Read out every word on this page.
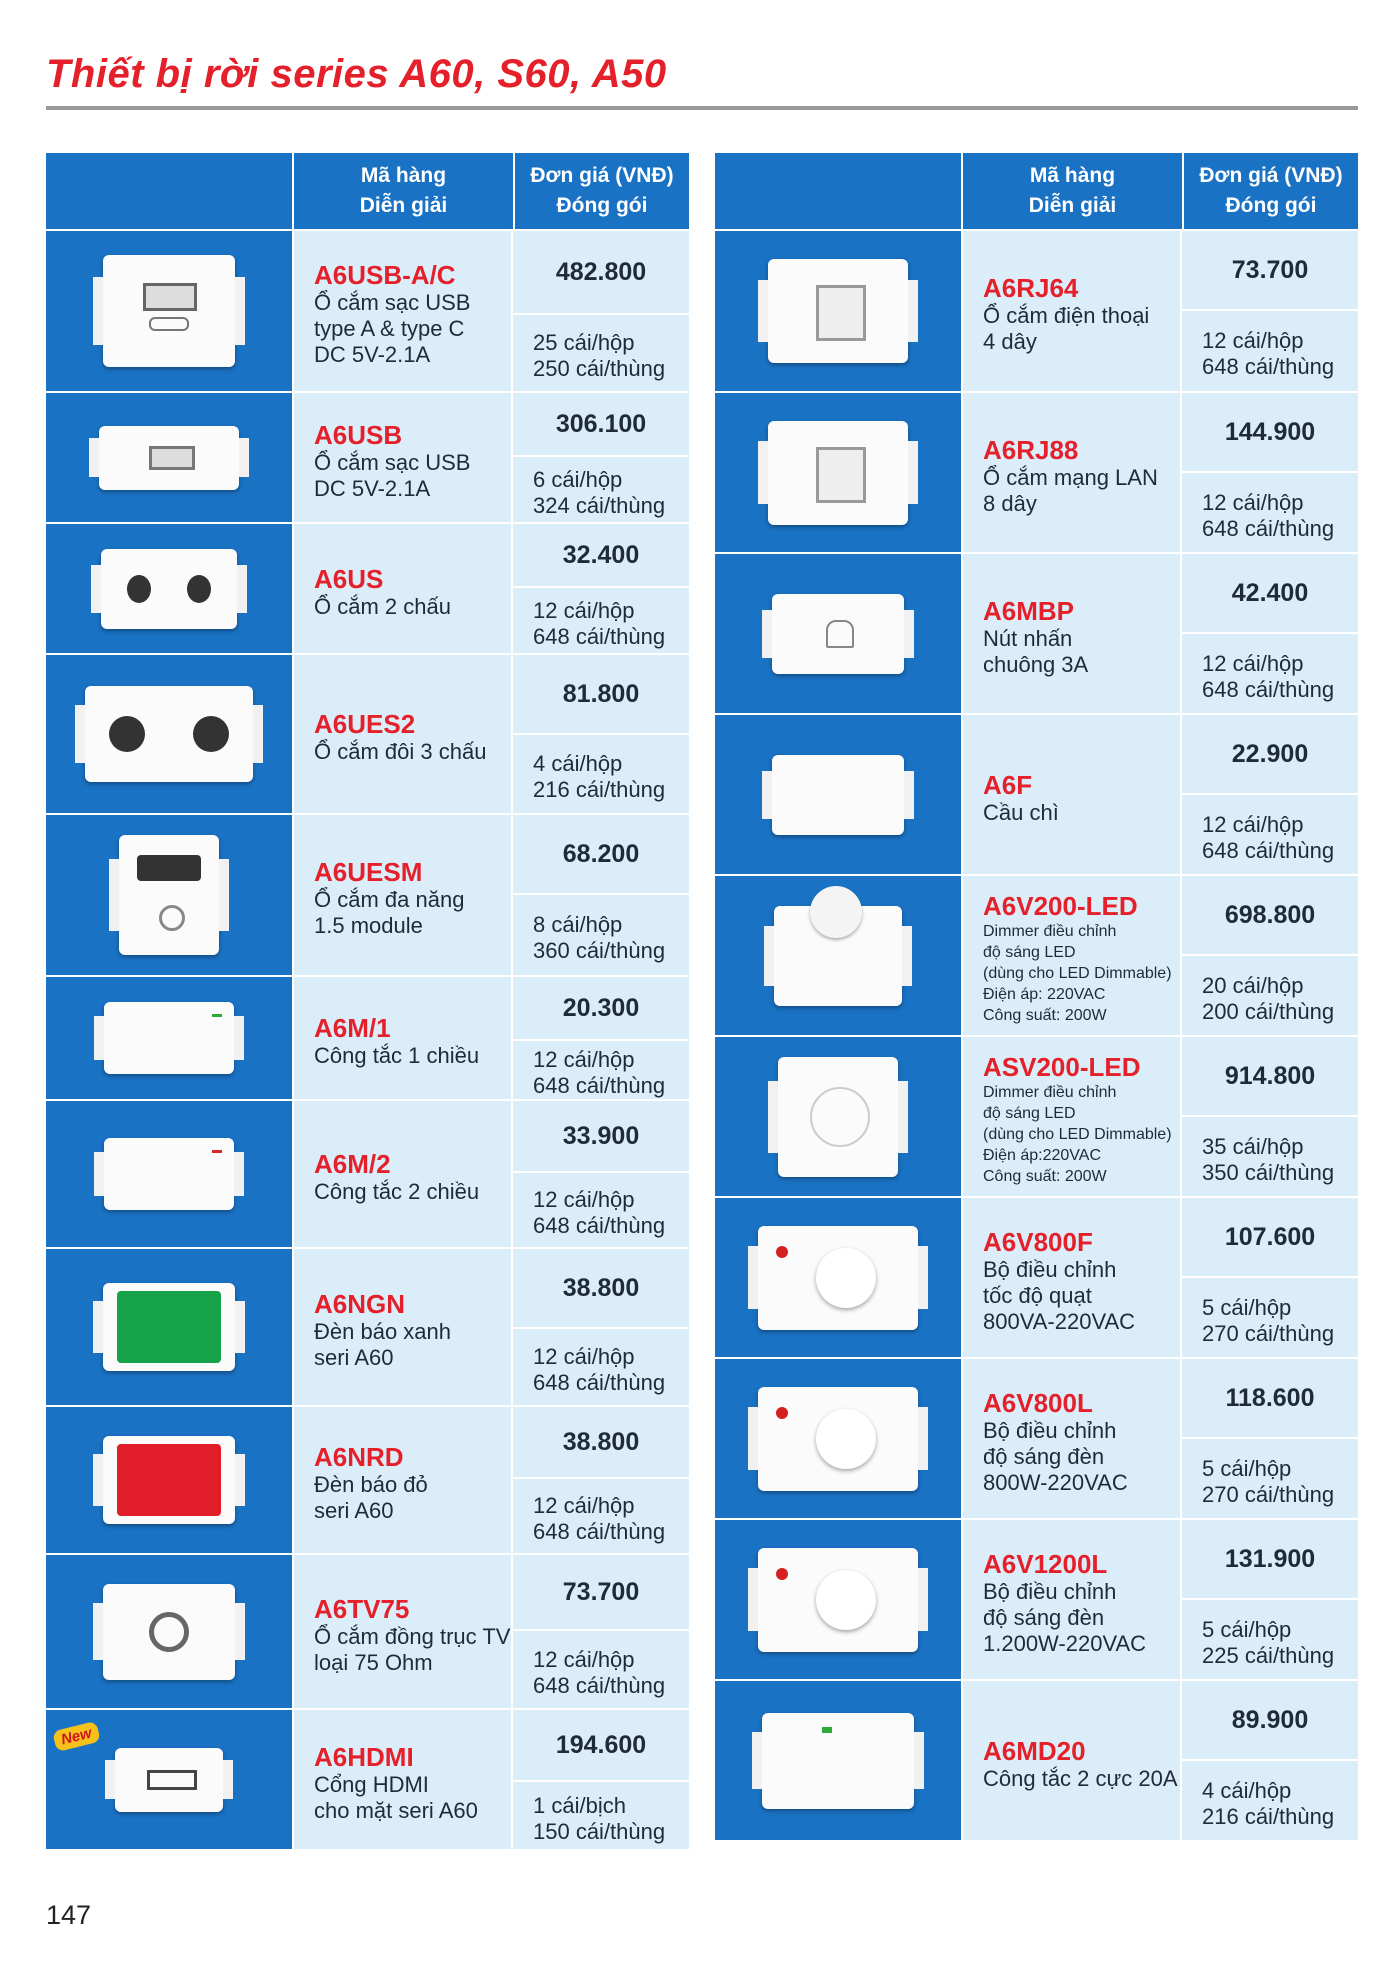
Thiết bị rời series A60, S60, A50
Mã hàng
Diễn giải
Đơn giá (VNĐ)
Đóng gói
A6USB-A/C
Ổ cắm sạc USB
type A & type C
DC 5V-2.1A
482.800
25 cái/hộp
250 cái/thùng
A6USB
Ổ cắm sạc USB
DC 5V-2.1A
306.100
6 cái/hộp
324 cái/thùng
A6US
Ổ cắm 2 chấu
32.400
12 cái/hộp
648 cái/thùng
A6UES2
Ổ cắm đôi 3 chấu
81.800
4 cái/hộp
216 cái/thùng
A6UESM
Ổ cắm đa năng
1.5 module
68.200
8 cái/hộp
360 cái/thùng
A6M/1
Công tắc 1 chiều
20.300
12 cái/hộp
648 cái/thùng
A6M/2
Công tắc 2 chiều
33.900
12 cái/hộp
648 cái/thùng
A6NGN
Đèn báo xanh
seri A60
38.800
12 cái/hộp
648 cái/thùng
A6NRD
Đèn báo đỏ
seri A60
38.800
12 cái/hộp
648 cái/thùng
A6TV75
Ổ cắm đồng trục TV
loại 75 Ohm
73.700
12 cái/hộp
648 cái/thùng
New
A6HDMI
Cổng HDMI
cho mặt seri A60
194.600
1 cái/bịch
150 cái/thùng
Mã hàng
Diễn giải
Đơn giá (VNĐ)
Đóng gói
A6RJ64
Ổ cắm điện thoại
4 dây
73.700
12 cái/hộp
648 cái/thùng
A6RJ88
Ổ cắm mạng LAN
8 dây
144.900
12 cái/hộp
648 cái/thùng
A6MBP
Nút nhấn
chuông 3A
42.400
12 cái/hộp
648 cái/thùng
A6F
Cầu chì
22.900
12 cái/hộp
648 cái/thùng
A6V200-LED
Dimmer điều chỉnh
độ sáng LED
(dùng cho LED Dimmable)
Điện áp: 220VAC
Công suất: 200W
698.800
20 cái/hộp
200 cái/thùng
ASV200-LED
Dimmer điều chỉnh
độ sáng LED
(dùng cho LED Dimmable)
Điện áp:220VAC
Công suất: 200W
914.800
35 cái/hộp
350 cái/thùng
A6V800F
Bộ điều chỉnh
tốc độ quạt
800VA-220VAC
107.600
5 cái/hộp
270 cái/thùng
A6V800L
Bộ điều chỉnh
độ sáng đèn
800W-220VAC
118.600
5 cái/hộp
270 cái/thùng
A6V1200L
Bộ điều chỉnh
độ sáng đèn
1.200W-220VAC
131.900
5 cái/hộp
225 cái/thùng
A6MD20
Công tắc 2 cực 20A
89.900
4 cái/hộp
216 cái/thùng
147
